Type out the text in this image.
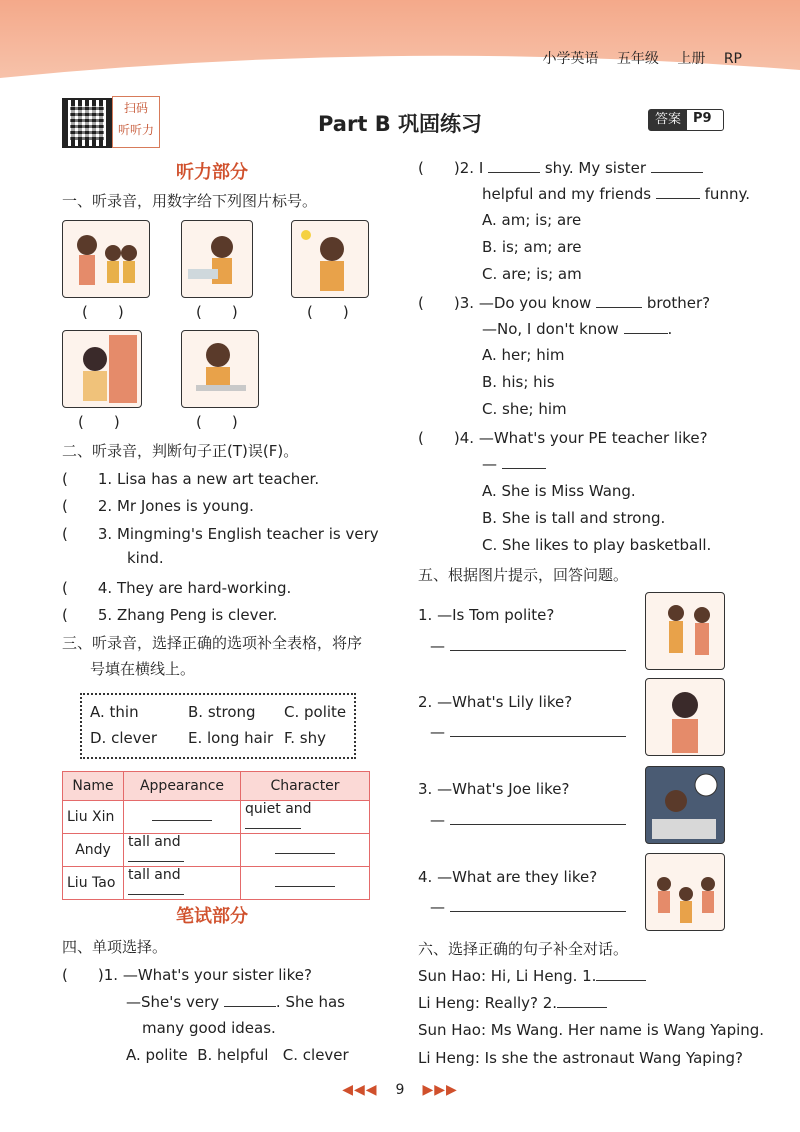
小学英语 五年级 上册 RP
扫码
听听力	Part B 巩固练习	答案 P9
听力部分
一、听录音，用数字给下列图片标号。
(　　)	(　　)	(　　)
(　　)	(　　)
二、听录音，判断句子正(T)误(F)。
(　　1. Lisa has a new art teacher.
(　　2. Mr Jones is young.
(　　3. Mingming's English teacher is very
kind.
(　　4. They are hard-working.
(　　5. Zhang Peng is clever.
三、听录音，选择正确的选项补全表格，将序
号填在横线上。
A. thin	B. strong C. polite
D. clever E. long hair F. shy
Name	Appearance	Character
Liu Xin		quiet and
Andy	tall and	
Liu Tao	tall and	
笔试部分
四、单项选择。
(　　)1. —What's your sister like?
—She's very	. She has
many good ideas.
A. polite B. helpful C. clever
(　　)2. I	shy. My sister
helpful and my friends	funny.
A. am; is; are
B. is; am; are
C. are; is; am
(　　)3. —Do you know	brother?
—No, I don't know	.
A. her; him
B. his; his
C. she; him
(　　)4. —What's your PE teacher like?
—
A. She is Miss Wang.
B. She is tall and strong.
C. She likes to play basketball.
五、根据图片提示，回答问题。
1. —Is Tom polite?
—
2. —What's Lily like?
—
3. —What's Joe like?
—
4. —What are they like?
—
六、选择正确的句子补全对话。
Sun Hao: Hi, Li Heng. 1.
Li Heng: Really? 2.
Sun Hao: Ms Wang. Her name is Wang Yaping.
Li Heng: Is she the astronaut Wang Yaping?
◀◀◀ 9 ▶▶▶
